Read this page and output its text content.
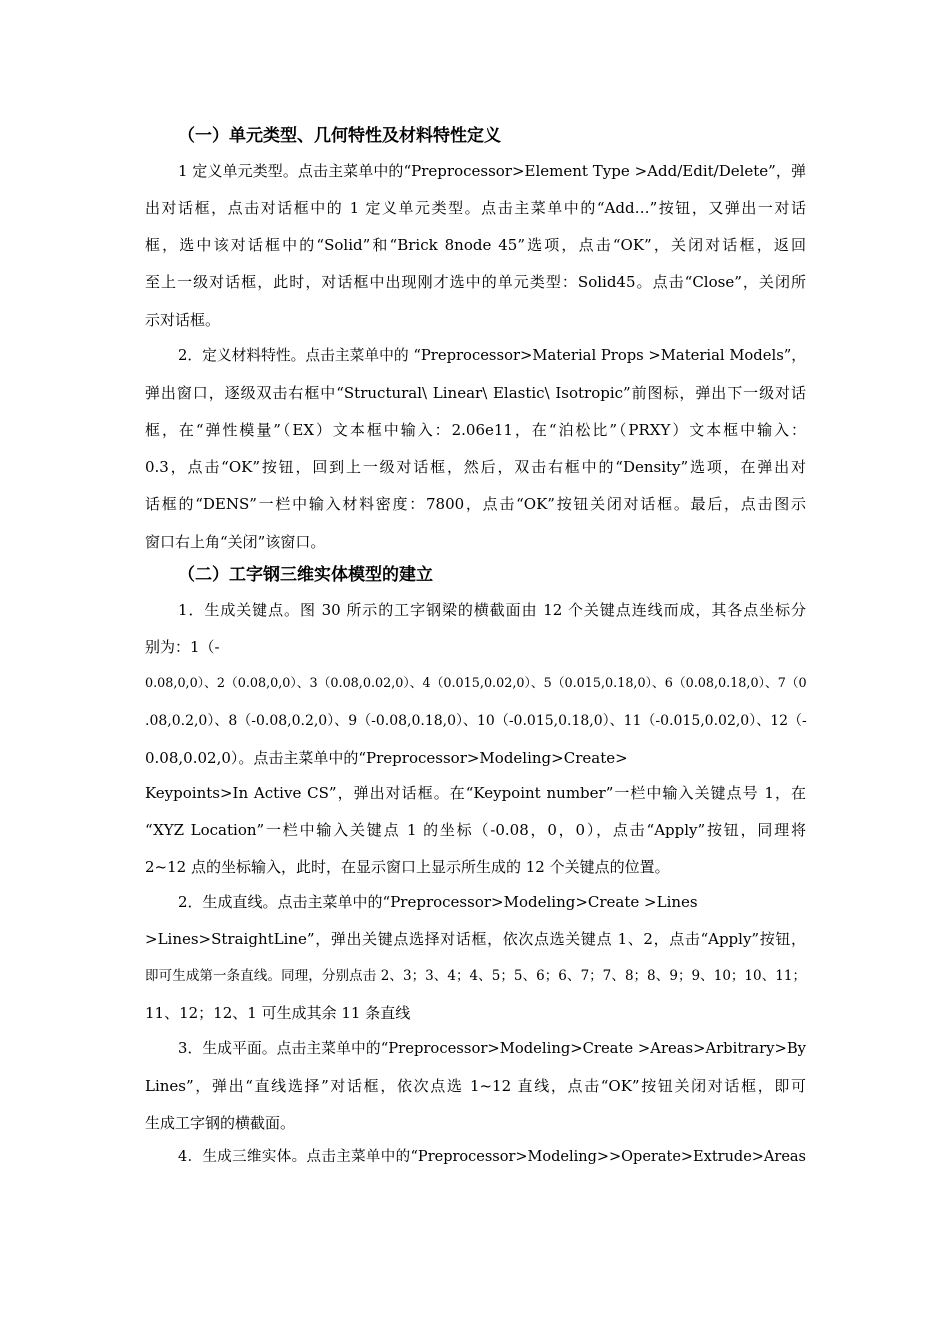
（一）单元类型、几何特性及材料特性定义
1 定义单元类型。点击主菜单中的“Preprocessor>Element Type >Add/Edit/Delete”，弹
出对话框，点击对话框中的 1 定义单元类型。点击主菜单中的“Add…”按钮，又弹出一对话
框，选中该对话框中的“Solid”和“Brick 8node 45”选项，点击“OK”，关闭对话框，返回
至上一级对话框，此时，对话框中出现刚才选中的单元类型：Solid45。点击“Close”，关闭所
示对话框。
2．定义材料特性。点击主菜单中的 “Preprocessor>Material Props >Material Models”，
弹出窗口，逐级双击右框中“Structural\ Linear\ Elastic\ Isotropic”前图标，弹出下一级对话
框，在“弹性模量”（EX）文本框中输入：2.06e11，在“泊松比”（PRXY）文本框中输入：
0.3，点击“OK”按钮，回到上一级对话框，然后，双击右框中的“Density”选项，在弹出对
话框的“DENS”一栏中输入材料密度：7800，点击“OK”按钮关闭对话框。最后，点击图示
窗口右上角“关闭”该窗口。
（二）工字钢三维实体模型的建立
1．生成关键点。图 30 所示的工字钢梁的横截面由 12 个关键点连线而成，其各点坐标分
别为：1（-
0.08,0,0）、2（0.08,0,0）、3（0.08,0.02,0）、4（0.015,0.02,0）、5（0.015,0.18,0）、6（0.08,0.18,0）、7（0
.08,0.2,0）、8（-0.08,0.2,0）、9（-0.08,0.18,0）、10（-0.015,0.18,0）、11（-0.015,0.02,0）、12（-
0.08,0.02,0）。点击主菜单中的“Preprocessor>Modeling>Create>
Keypoints>In Active CS”，弹出对话框。在“Keypoint number”一栏中输入关键点号 1，在
“XYZ Location”一栏中输入关键点 1 的坐标（-0.08，0，0），点击“Apply”按钮，同理将
2~12 点的坐标输入，此时，在显示窗口上显示所生成的 12 个关键点的位置。
2．生成直线。点击主菜单中的“Preprocessor>Modeling>Create >Lines
>Lines>StraightLine”，弹出关键点选择对话框，依次点选关键点 1、2，点击“Apply”按钮，
即可生成第一条直线。同理，分别点击 2、3；3、4；4、5；5、6；6、7；7、8；8、9；9、10；10、11；
11、12；12、1 可生成其余 11 条直线
3．生成平面。点击主菜单中的“Preprocessor>Modeling>Create >Areas>Arbitrary>By
Lines”，弹出“直线选择”对话框，依次点选 1~12 直线，点击“OK”按钮关闭对话框，即可
生成工字钢的横截面。
4．生成三维实体。点击主菜单中的“Preprocessor>Modeling>>Operate>Extrude>Areas
